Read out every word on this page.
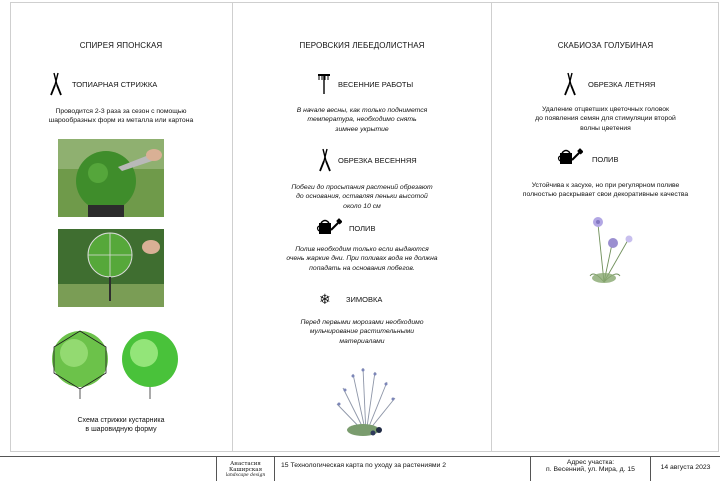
СПИРЕЯ ЯПОНСКАЯ
ТОПИАРНАЯ СТРИЖКА
Проводится 2-3 раза за сезон с помощью
шарообразных форм из металла или картона
Схема стрижки кустарника
в шаровидную форму
ПЕРОВСКИЯ ЛЕБЕДОЛИСТНАЯ
ВЕСЕННИЕ РАБОТЫ
В начале весны, как только поднимется
температура, необходимо снять
зимнее укрытие
ОБРЕЗКА ВЕСЕННЯЯ
Побеги до просыпания растений обрезают
до основания, оставляя пеньки высотой
около 10 см
ПОЛИВ
Полив необходим только если выдаются
очень жаркие дни. При поливах вода не должна
попадать на основания побегов.
❄ ЗИМОВКА
Перед первыми морозами необходимо
мульчирование растительными
материалами
СКАБИОЗА ГОЛУБИНАЯ
ОБРЕЗКА ЛЕТНЯЯ
Удаление отцветших цветочных головок
до появления семян для стимуляции второй
волны цветения
ПОЛИВ
Устойчива к засухе, но при регулярном поливе
полностью раскрывает свои декоративные качества
Анастасия
Каширская
landscape design
15 Технологическая карта по уходу за растениями 2	Адрес участка:
п. Весенний, ул. Мира, д. 15	14 августа 2023
